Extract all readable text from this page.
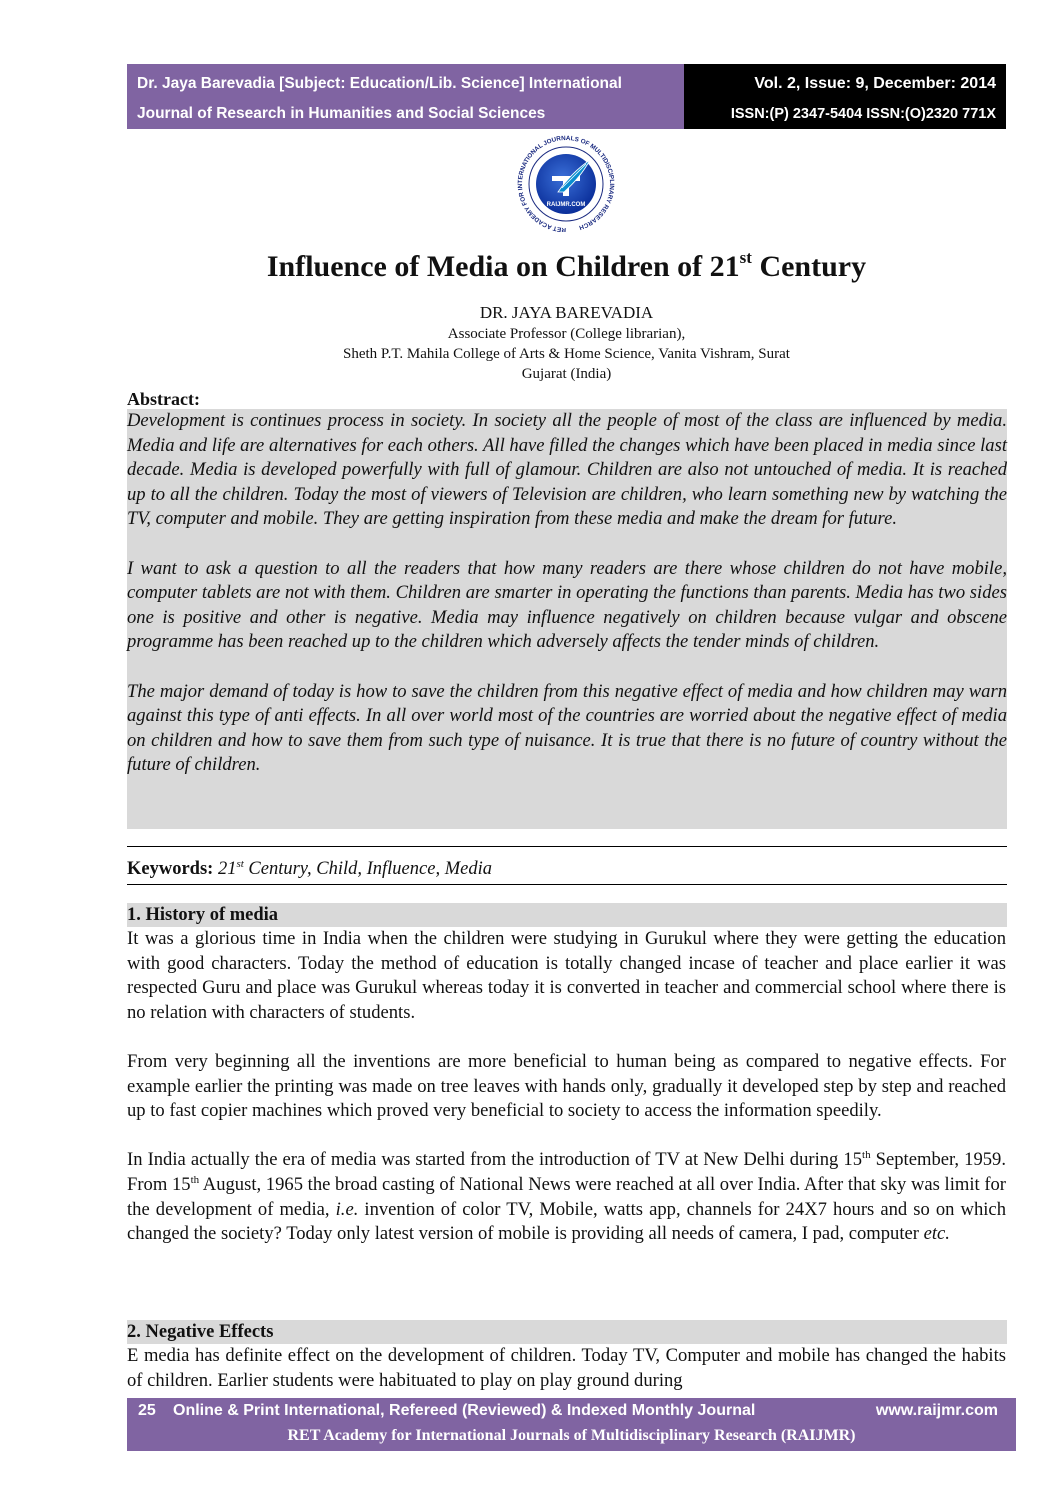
Dr. Jaya Barevadia [Subject: Education/Lib. Science] International
Journal of Research in Humanities and Social Sciences
Vol. 2, Issue: 9, December: 2014
ISSN:(P) 2347-5404 ISSN:(O)2320 771X
RET ACADEMY FOR INTERNATIONAL JOURNALS OF MULTIDISCIPLINARY RESEARCH
RAIJMR.COM
Influence of Media on Children of 21st Century
DR. JAYA BAREVADIA
Associate Professor (College librarian),
Sheth P.T. Mahila College of Arts & Home Science, Vanita Vishram, Surat
Gujarat (India)
Abstract:

Development is continues process in society. In society all the people of most of the class are influenced by media. Media and life are alternatives for each others. All have filled the changes which have been placed in media since last decade. Media is developed powerfully with full of glamour. Children are also not untouched of media. It is reached up to all the children. Today the most of viewers of Television are children, who learn something new by watching the TV, computer and mobile. They are getting inspiration from these media and make the dream for future.

I want to ask a question to all the readers that how many readers are there whose children do not have mobile, computer tablets are not with them. Children are smarter in operating the functions than parents. Media has two sides one is positive and other is negative. Media may influence negatively on children because vulgar and obscene programme has been reached up to the children which adversely affects the tender minds of children.

The major demand of today is how to save the children from this negative effect of media and how children may warn against this type of anti effects. In all over world most of the countries are worried about the negative effect of media on children and how to save them from such type of nuisance. It is true that there is no future of country without the future of children.

Keywords: 21st Century, Child, Influence, Media
1. History of media

It was a glorious time in India when the children were studying in Gurukul where they were getting the education with good characters. Today the method of education is totally changed incase of teacher and place earlier it was respected Guru and place was Gurukul whereas today it is converted in teacher and commercial school where there is no relation with characters of students.

From very beginning all the inventions are more beneficial to human being as compared to negative effects. For example earlier the printing was made on tree leaves with hands only, gradually it developed step by step and reached up to fast copier machines which proved very beneficial to society to access the information speedily.

In India actually the era of media was started from the introduction of TV at New Delhi during 15th September, 1959. From 15th August, 1965 the broad casting of National News were reached at all over India. After that sky was limit for the development of media, i.e. invention of color TV, Mobile, watts app, channels for 24X7 hours and so on which changed the society? Today only latest version of mobile is providing all needs of camera, I pad, computer etc.

2. Negative Effects

E media has definite effect on the development of children. Today TV, Computer and mobile has changed the habits of children. Earlier students were habituated to play on play ground during

25 Online & Print International, Refereed (Reviewed) & Indexed Monthly Journal	www.raijmr.com
RET Academy for International Journals of Multidisciplinary Research (RAIJMR)
